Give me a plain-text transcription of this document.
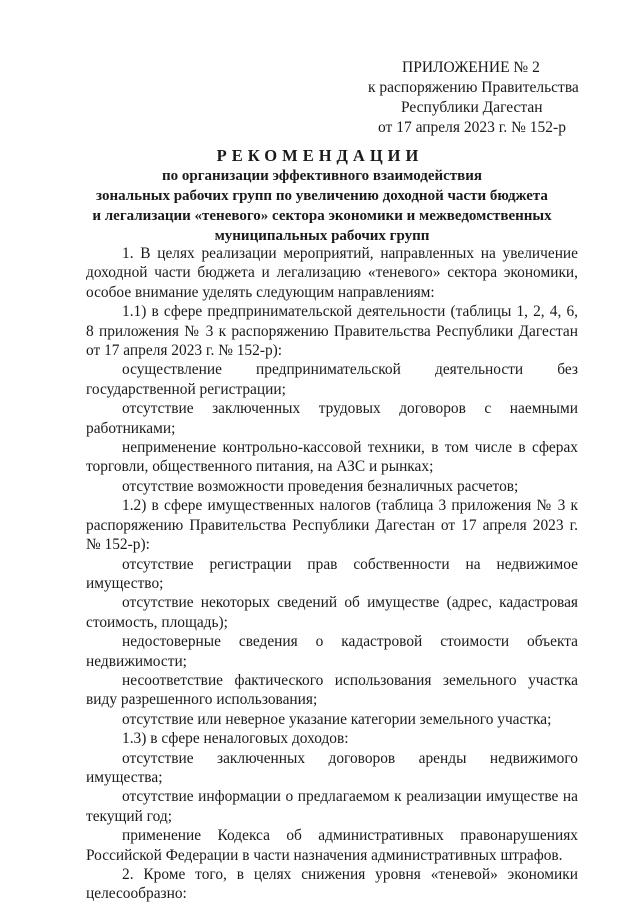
ПРИЛОЖЕНИЕ № 2
к распоряжению Правительства
Республики Дагестан
от 17 апреля 2023 г. № 152-р
РЕКОМЕНДАЦИИ
по организации эффективного взаимодействия
зональных рабочих групп по увеличению доходной части бюджета
и легализации «теневого» сектора экономики и межведомственных
муниципальных рабочих групп
1. В целях реализации мероприятий, направленных на увеличение доходной части бюджета и легализацию «теневого» сектора экономики, особое внимание уделять следующим направлениям:
1.1) в сфере предпринимательской деятельности (таблицы 1, 2, 4, 6, 8 приложения № 3 к распоряжению Правительства Республики Дагестан от 17 апреля 2023 г. № 152-р):
осуществление предпринимательской деятельности без государственной регистрации;
отсутствие заключенных трудовых договоров с наемными работниками;
неприменение контрольно-кассовой техники, в том числе в сферах торговли, общественного питания, на АЗС и рынках;
отсутствие возможности проведения безналичных расчетов;
1.2) в сфере имущественных налогов (таблица 3 приложения № 3 к распоряжению Правительства Республики Дагестан от 17 апреля 2023 г. № 152-р):
отсутствие регистрации прав собственности на недвижимое имущество;
отсутствие некоторых сведений об имуществе (адрес, кадастровая стоимость, площадь);
недостоверные сведения о кадастровой стоимости объекта недвижимости;
несоответствие фактического использования земельного участка виду разрешенного использования;
отсутствие или неверное указание категории земельного участка;
1.3) в сфере неналоговых доходов:
отсутствие заключенных договоров аренды недвижимого имущества;
отсутствие информации о предлагаемом к реализации имуществе на текущий год;
применение Кодекса об административных правонарушениях Российской Федерации в части назначения административных штрафов.
2. Кроме того, в целях снижения уровня «теневой» экономики целесообразно:
